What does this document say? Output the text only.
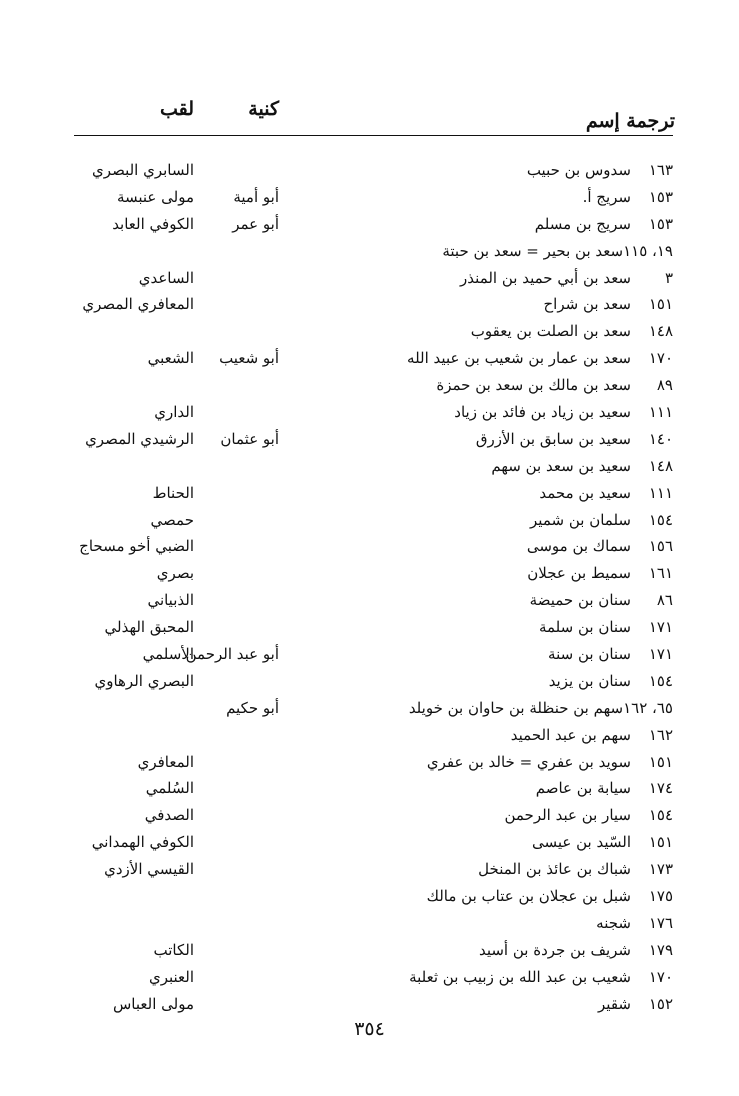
ترجمة إسم
كنية
لقب
١٦٣
سدوس بن حبيب
١٥٣
سريج أ.
١٥٣
سريج بن مسلم
١٩، ١١٥
سعد بن بحير = سعد بن حبتة
٣
سعد بن أبي حميد بن المنذر
١٥١
سعد بن شراح
١٤٨
سعد بن الصلت بن يعقوب
١٧٠
سعد بن عمار بن شعيب بن عبيد الله
٨٩
سعد بن مالك بن سعد بن حمزة
١١١
سعيد بن زياد بن فائد بن زياد
١٤٠
سعيد بن سابق بن الأزرق
١٤٨
سعيد بن سعد بن سهم
١١١
سعيد بن محمد
١٥٤
سلمان بن شمير
١٥٦
سماك بن موسى
١٦١
سميط بن عجلان
٨٦
سنان بن حميضة
١٧١
سنان بن سلمة
١٧١
سنان بن سنة
١٥٤
سنان بن يزيد
٦٥، ١٦٢
سهم بن حنظلة بن حاوان بن خويلد
١٦٢
سهم بن عبد الحميد
١٥١
سويد بن عفري = خالد بن عفري
١٧٤
سيابة بن عاصم
١٥٤
سيار بن عبد الرحمن
١٥١
السّيد بن عيسى
١٧٣
شباك بن عائذ بن المنخل
١٧٥
شبل بن عجلان بن عتاب بن مالك
١٧٦
شجنه
١٧٩
شريف بن جردة بن أسيد
١٧٠
شعيب بن عبد الله بن زبيب بن ثعلبة
١٥٢
شقير
أبو أمية
أبو عمر
أبو شعيب
أبو عثمان
أبو عبد الرحمن
أبو حكيم
السابري البصري
مولى عنبسة
الكوفي العابد
الساعدي
المعافري المصري
الشعبي
الداري
الرشيدي المصري
الحناط
حمصي
الضبي أخو مسحاج
بصري
الذبياني
المحبق الهذلي
الأسلمي
البصري الرهاوي
المعافري
السُلمي
الصدفي
الكوفي الهمداني
القيسي الأزدي
الكاتب
العنبري
مولى العباس
٣٥٤
